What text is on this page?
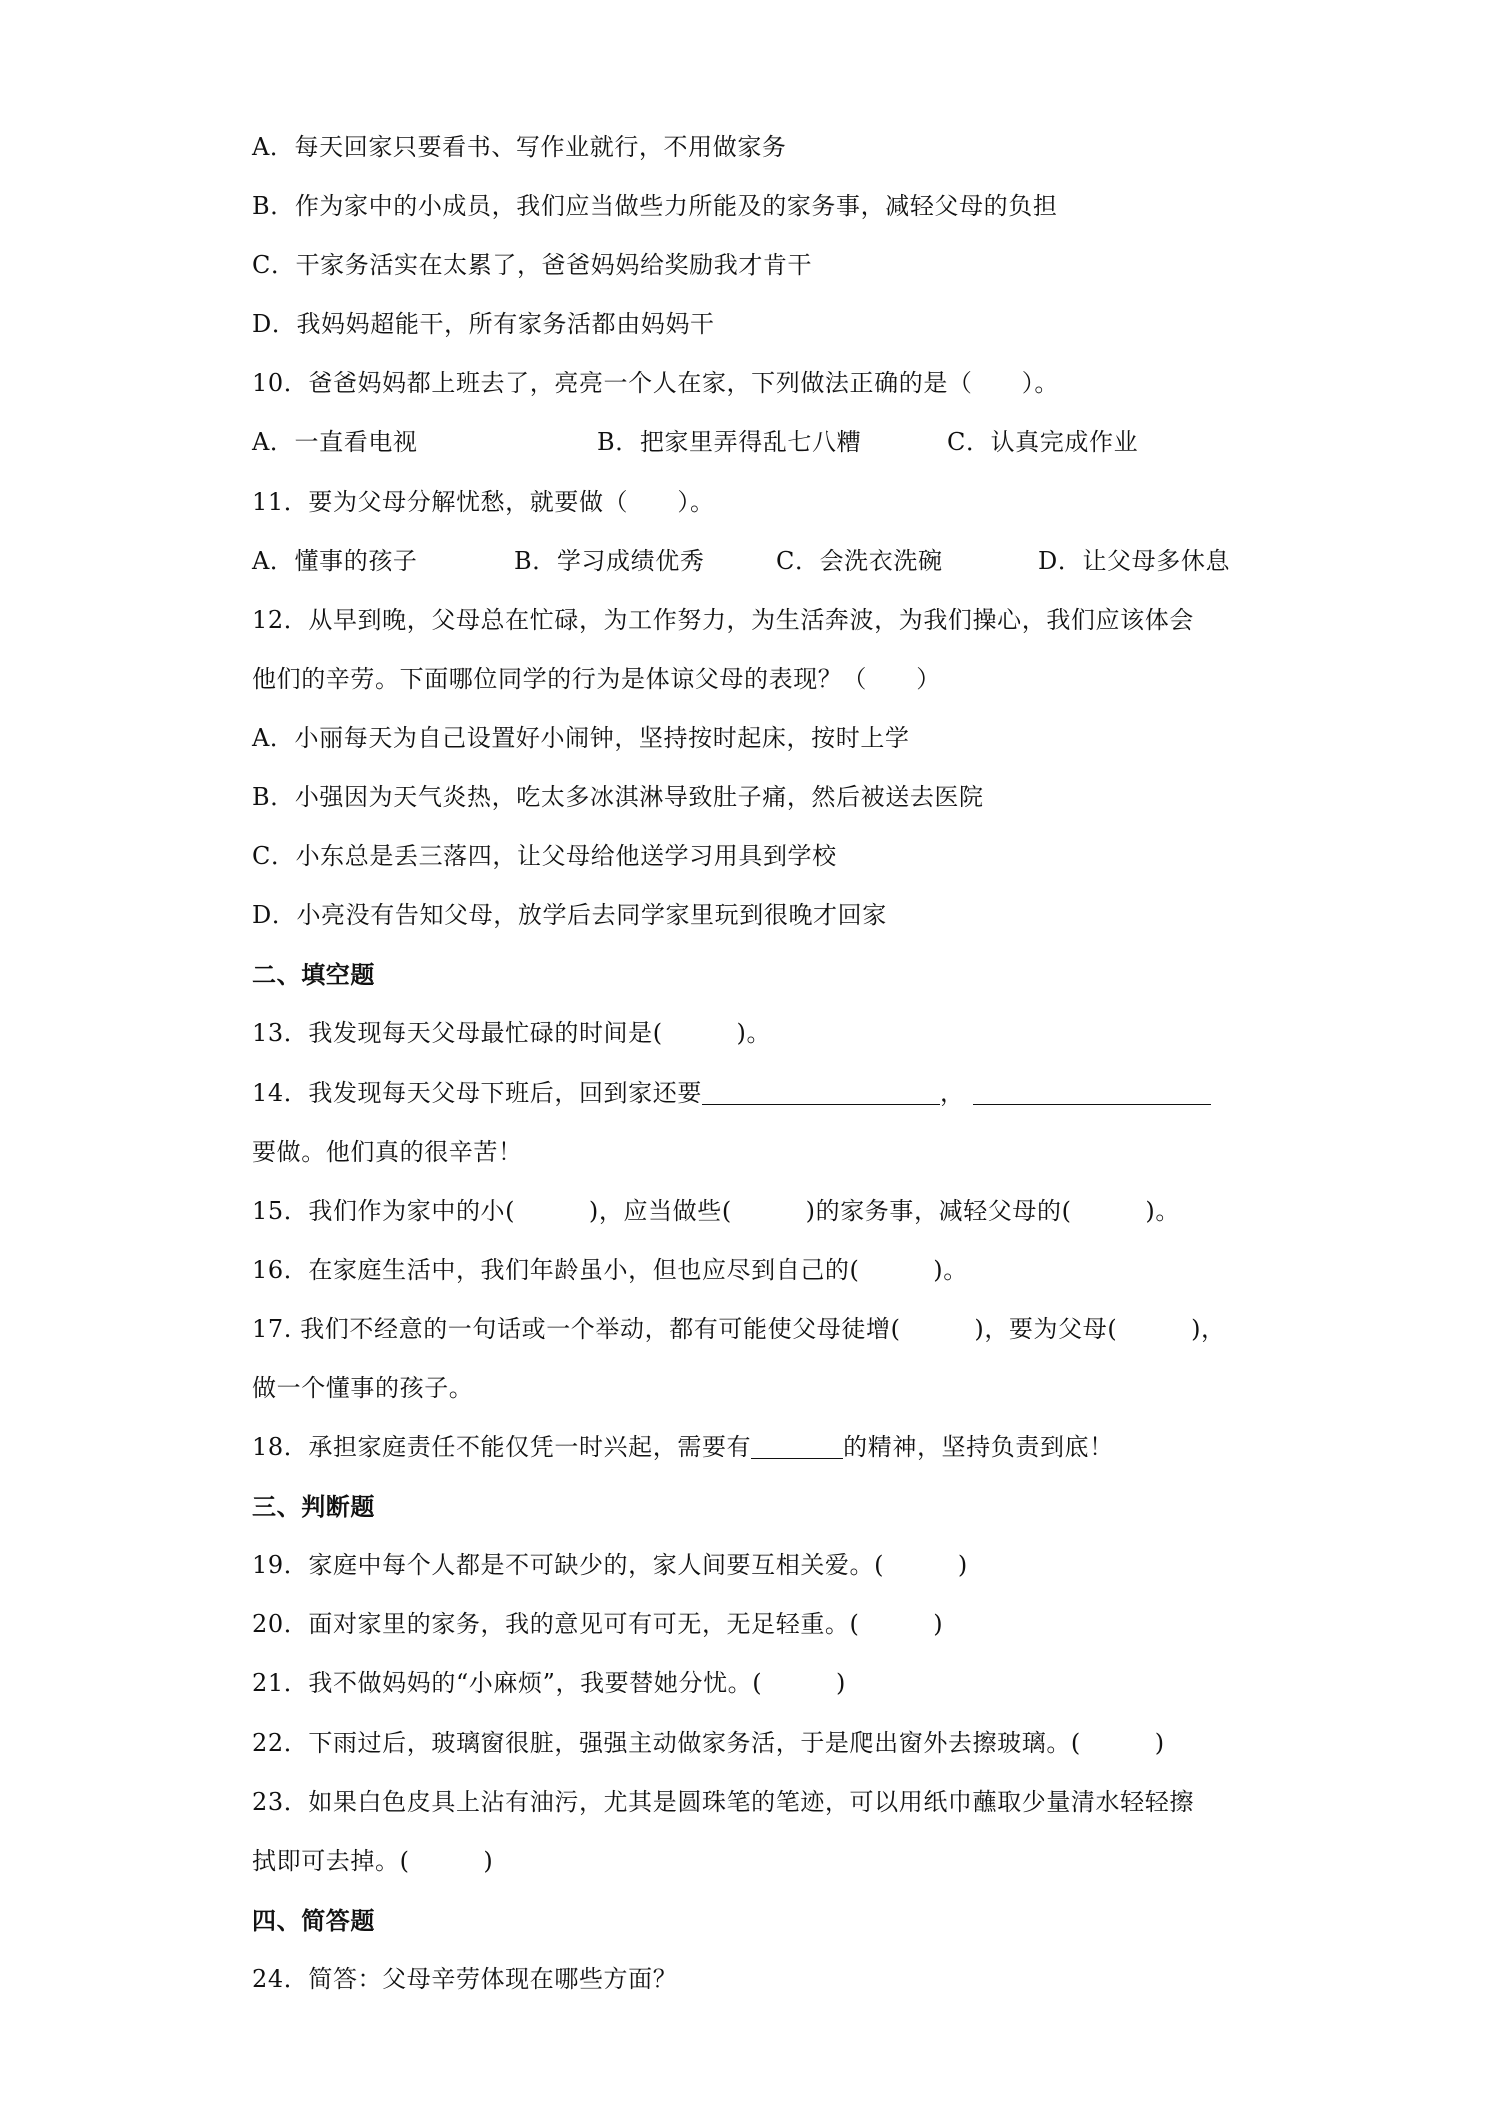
A．每天回家只要看书、写作业就行，不用做家务
B．作为家中的小成员，我们应当做些力所能及的家务事，减轻父母的负担
C．干家务活实在太累了，爸爸妈妈给奖励我才肯干
D．我妈妈超能干，所有家务活都由妈妈干
10．爸爸妈妈都上班去了，亮亮一个人在家，下列做法正确的是（　　）。
A．一直看电视	B．把家里弄得乱七八糟	C．认真完成作业
11．要为父母分解忧愁，就要做（　　）。
A．懂事的孩子	B．学习成绩优秀	C．会洗衣洗碗	D．让父母多休息
12．从早到晚，父母总在忙碌，为工作努力，为生活奔波，为我们操心，我们应该体会
他们的辛劳。下面哪位同学的行为是体谅父母的表现？（　　）
A．小丽每天为自己设置好小闹钟，坚持按时起床，按时上学
B．小强因为天气炎热，吃太多冰淇淋导致肚子痛，然后被送去医院
C．小东总是丢三落四，让父母给他送学习用具到学校
D．小亮没有告知父母，放学后去同学家里玩到很晚才回家
二、填空题
13．我发现每天父母最忙碌的时间是(　　　)。
14．我发现每天父母下班后，回到家还要	，
要做。他们真的很辛苦！
15．我们作为家中的小(　　　)，应当做些(　　　)的家务事，减轻父母的(　　　)。
16．在家庭生活中，我们年龄虽小，但也应尽到自己的(　　　)。
17. 我们不经意的一句话或一个举动，都有可能使父母徒增(　　　)，要为父母(　　　)，
做一个懂事的孩子。
18．承担家庭责任不能仅凭一时兴起，需要有	的精神，坚持负责到底！
三、判断题
19．家庭中每个人都是不可缺少的，家人间要互相关爱。(　　　)
20．面对家里的家务，我的意见可有可无，无足轻重。(　　　)
21．我不做妈妈的“小麻烦”，我要替她分忧。(　　　)
22．下雨过后，玻璃窗很脏，强强主动做家务活，于是爬出窗外去擦玻璃。(　　　)
23．如果白色皮具上沾有油污，尤其是圆珠笔的笔迹，可以用纸巾蘸取少量清水轻轻擦
拭即可去掉。(　　　)
四、简答题
24．简答：父母辛劳体现在哪些方面？
